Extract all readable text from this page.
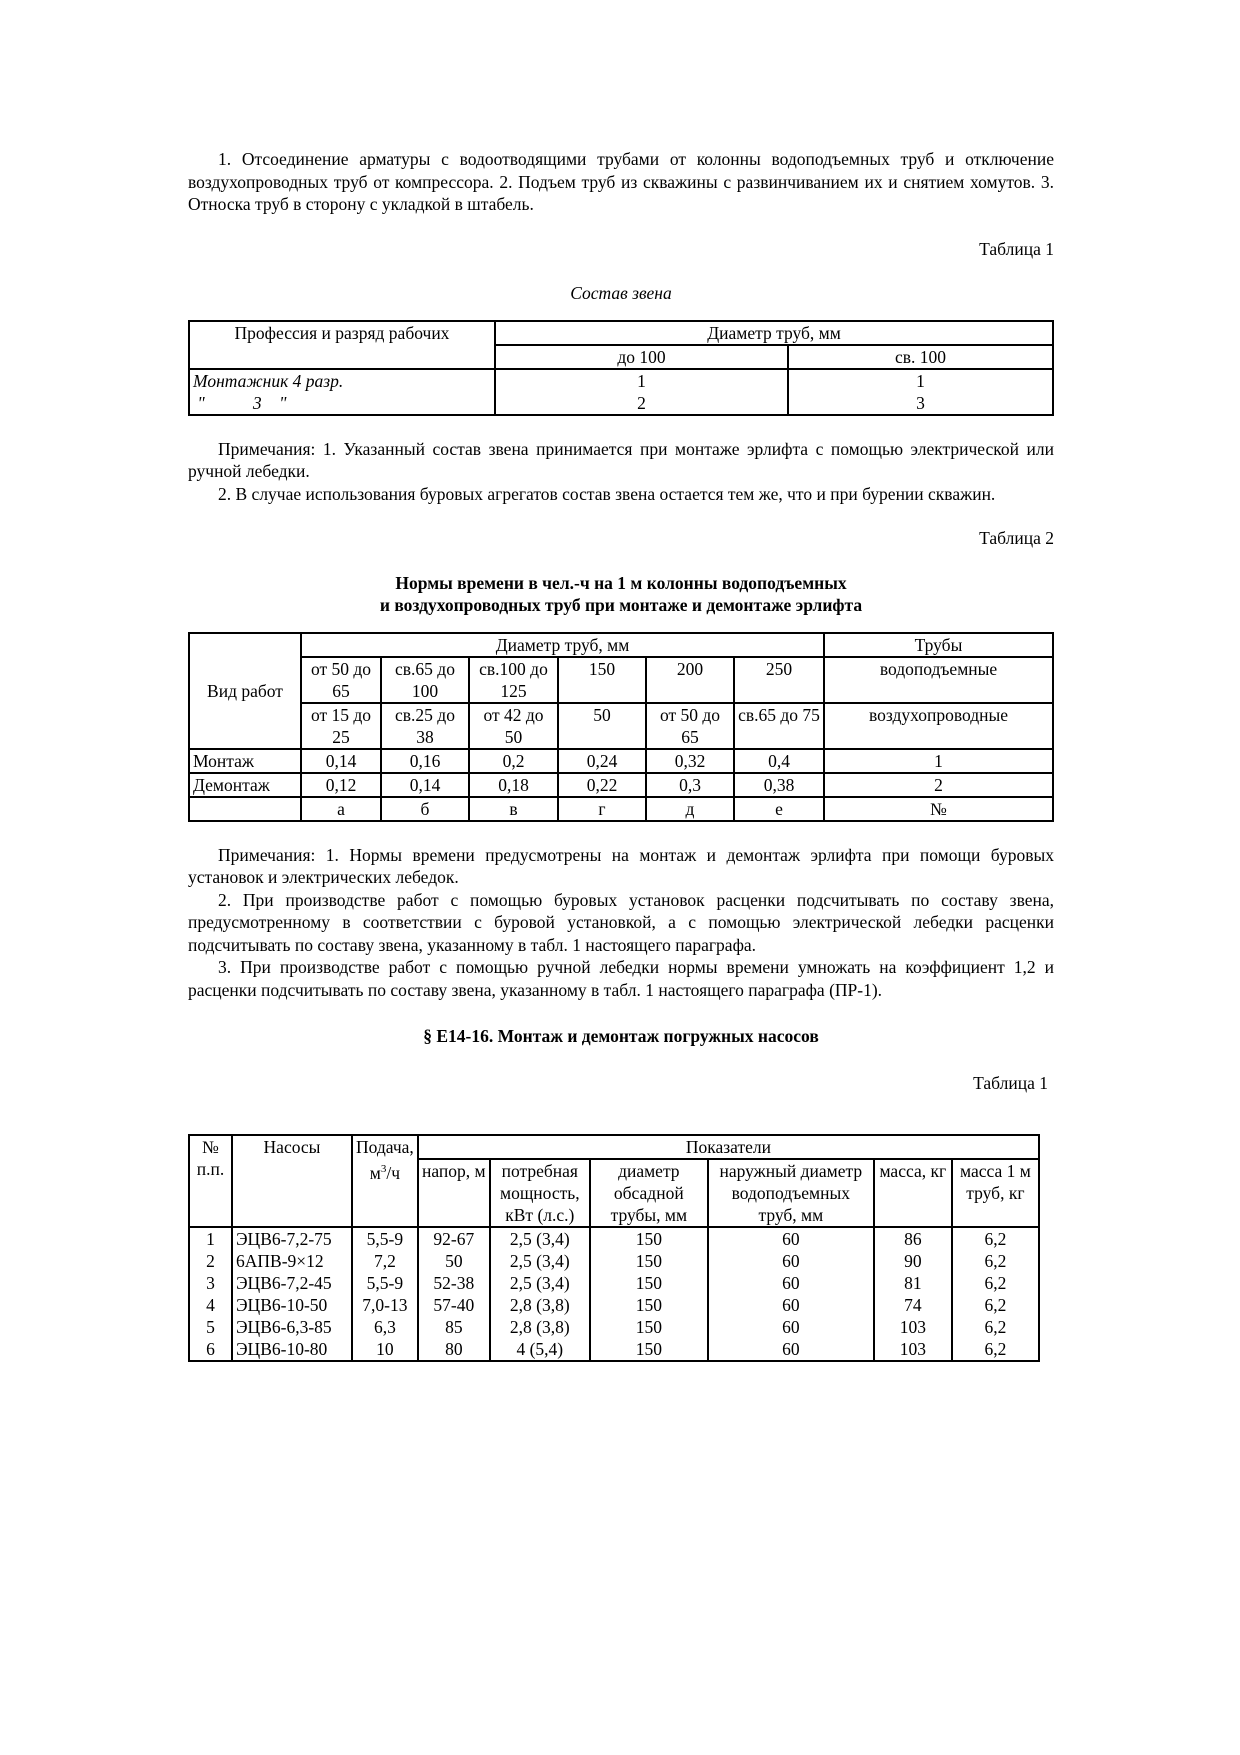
1. Отсоединение арматуры с водоотводящими трубами от колонны водоподъемных труб и отключение воздухопроводных труб от компрессора. 2. Подъем труб из скважины с развинчиванием их и снятием хомутов. 3. Относка труб в сторону с укладкой в штабель.

Таблица 1

Состав звена

Профессия и разряд рабочих	Диаметр труб, мм	
	до 100	св. 100
Монтажник 4 разр.	1	1
"           3    "	2	3

Примечания: 1. Указанный состав звена принимается при монтаже эрлифта с помощью электрической или ручной лебедки.

2. В случае использования буровых агрегатов состав звена остается тем же, что и при бурении скважин.

Таблица 2

Нормы времени в чел.-ч на 1 м колонны водоподъемных

и воздухопроводных труб при монтаже и демонтаже эрлифта

Вид работ	Диаметр труб, мм						Трубы
	от 50 до 65	св.65 до 100	св.100 до 125	150	200	250	водоподъемные
	от 15 до 25	св.25 до 38	от 42 до 50	50	от 50 до 65	св.65 до 75	воздухопроводные
Монтаж	0,14	0,16	0,2	0,24	0,32	0,4	1
Демонтаж	0,12	0,14	0,18	0,22	0,3	0,38	2
	а	б	в	г	д	е	№

Примечания: 1. Нормы времени предусмотрены на монтаж и демонтаж эрлифта при помощи буровых установок и электрических лебедок.

2. При производстве работ с помощью буровых установок расценки подсчитывать по составу звена, предусмотренному в соответствии с буровой установкой, а с помощью электрической лебедки расценки подсчитывать по составу звена, указанному в табл. 1 настоящего параграфа.

3. При производстве работ с помощью ручной лебедки нормы времени умножать на коэффициент 1,2 и расценки подсчитывать по составу звена, указанному в табл. 1 настоящего параграфа (ПР-1).

§ Е14-16. Монтаж и демонтаж погружных насосов

Таблица 1

№ п.п.	Насосы	Подача, $м^3/ч$	Показатели					
			напор, м	потребная мощность, кВт (л.с.)	диаметр обсадной трубы, мм	наружный диаметр водоподъемных труб, мм	масса, кг	масса 1 м труб, кг
1	ЭЦВ6-7,2-75	5,5-9	92-67	2,5 (3,4)	150	60	86	6,2
2	6АПВ-9×12	7,2	50	2,5 (3,4)	150	60	90	6,2
3	ЭЦВ6-7,2-45	5,5-9	52-38	2,5 (3,4)	150	60	81	6,2
4	ЭЦВ6-10-50	7,0-13	57-40	2,8 (3,8)	150	60	74	6,2
5	ЭЦВ6-6,3-85	6,3	85	2,8 (3,8)	150	60	103	6,2
6	ЭЦВ6-10-80	10	80	4 (5,4)	150	60	103	6,2
